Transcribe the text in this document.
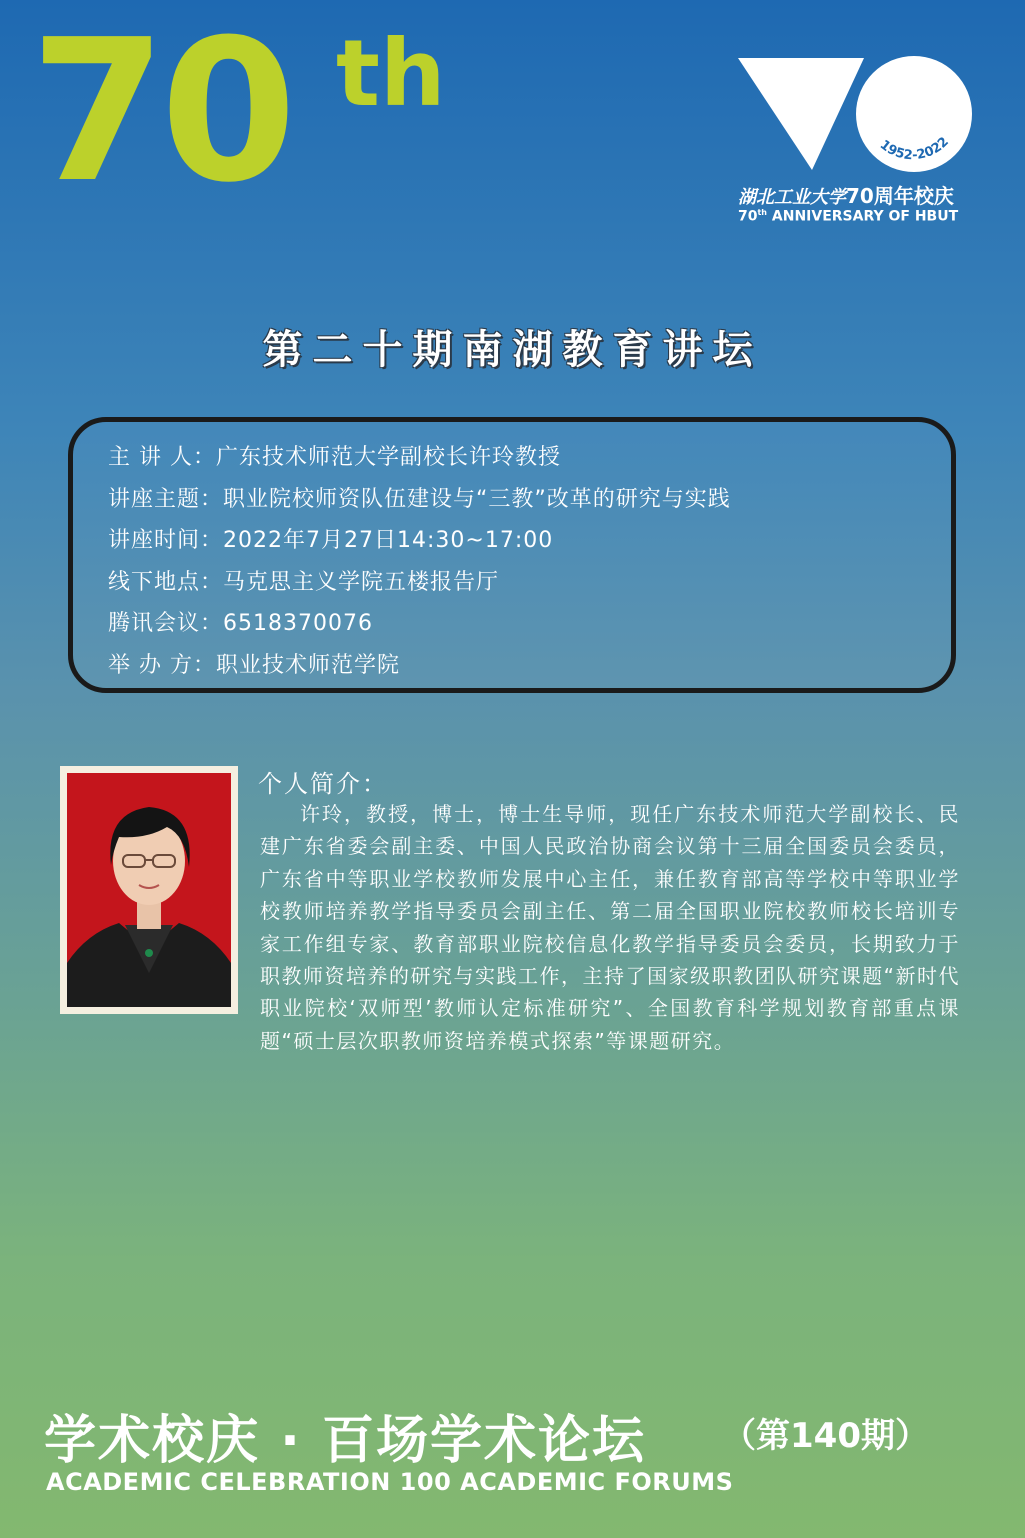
70 th
1952-2022
湖北工业大学70周年校庆
70th ANNIVERSARY OF HBUT
第二十期南湖教育讲坛
主 讲 人：广东技术师范大学副校长许玲教授
讲座主题：职业院校师资队伍建设与“三教”改革的研究与实践
讲座时间：2022年7月27日14:30~17:00
线下地点：马克思主义学院五楼报告厅
腾讯会议：6518370076
举 办 方：职业技术师范学院
个人简介：

许玲，教授，博士，博士生导师，现任广东技术师范大学副校长、民建广东省委会副主委、中国人民政治协商会议第十三届全国委员会委员，广东省中等职业学校教师发展中心主任，兼任教育部高等学校中等职业学校教师培养教学指导委员会副主任、第二届全国职业院校教师校长培训专家工作组专家、教育部职业院校信息化教学指导委员会委员，长期致力于职教师资培养的研究与实践工作，主持了国家级职教团队研究课题“新时代职业院校‘双师型’教师认定标准研究”、全国教育科学规划教育部重点课题“硕士层次职教师资培养模式探索”等课题研究。

学术校庆 · 百场学术论坛 （第140期）
ACADEMIC CELEBRATION 100 ACADEMIC FORUMS
